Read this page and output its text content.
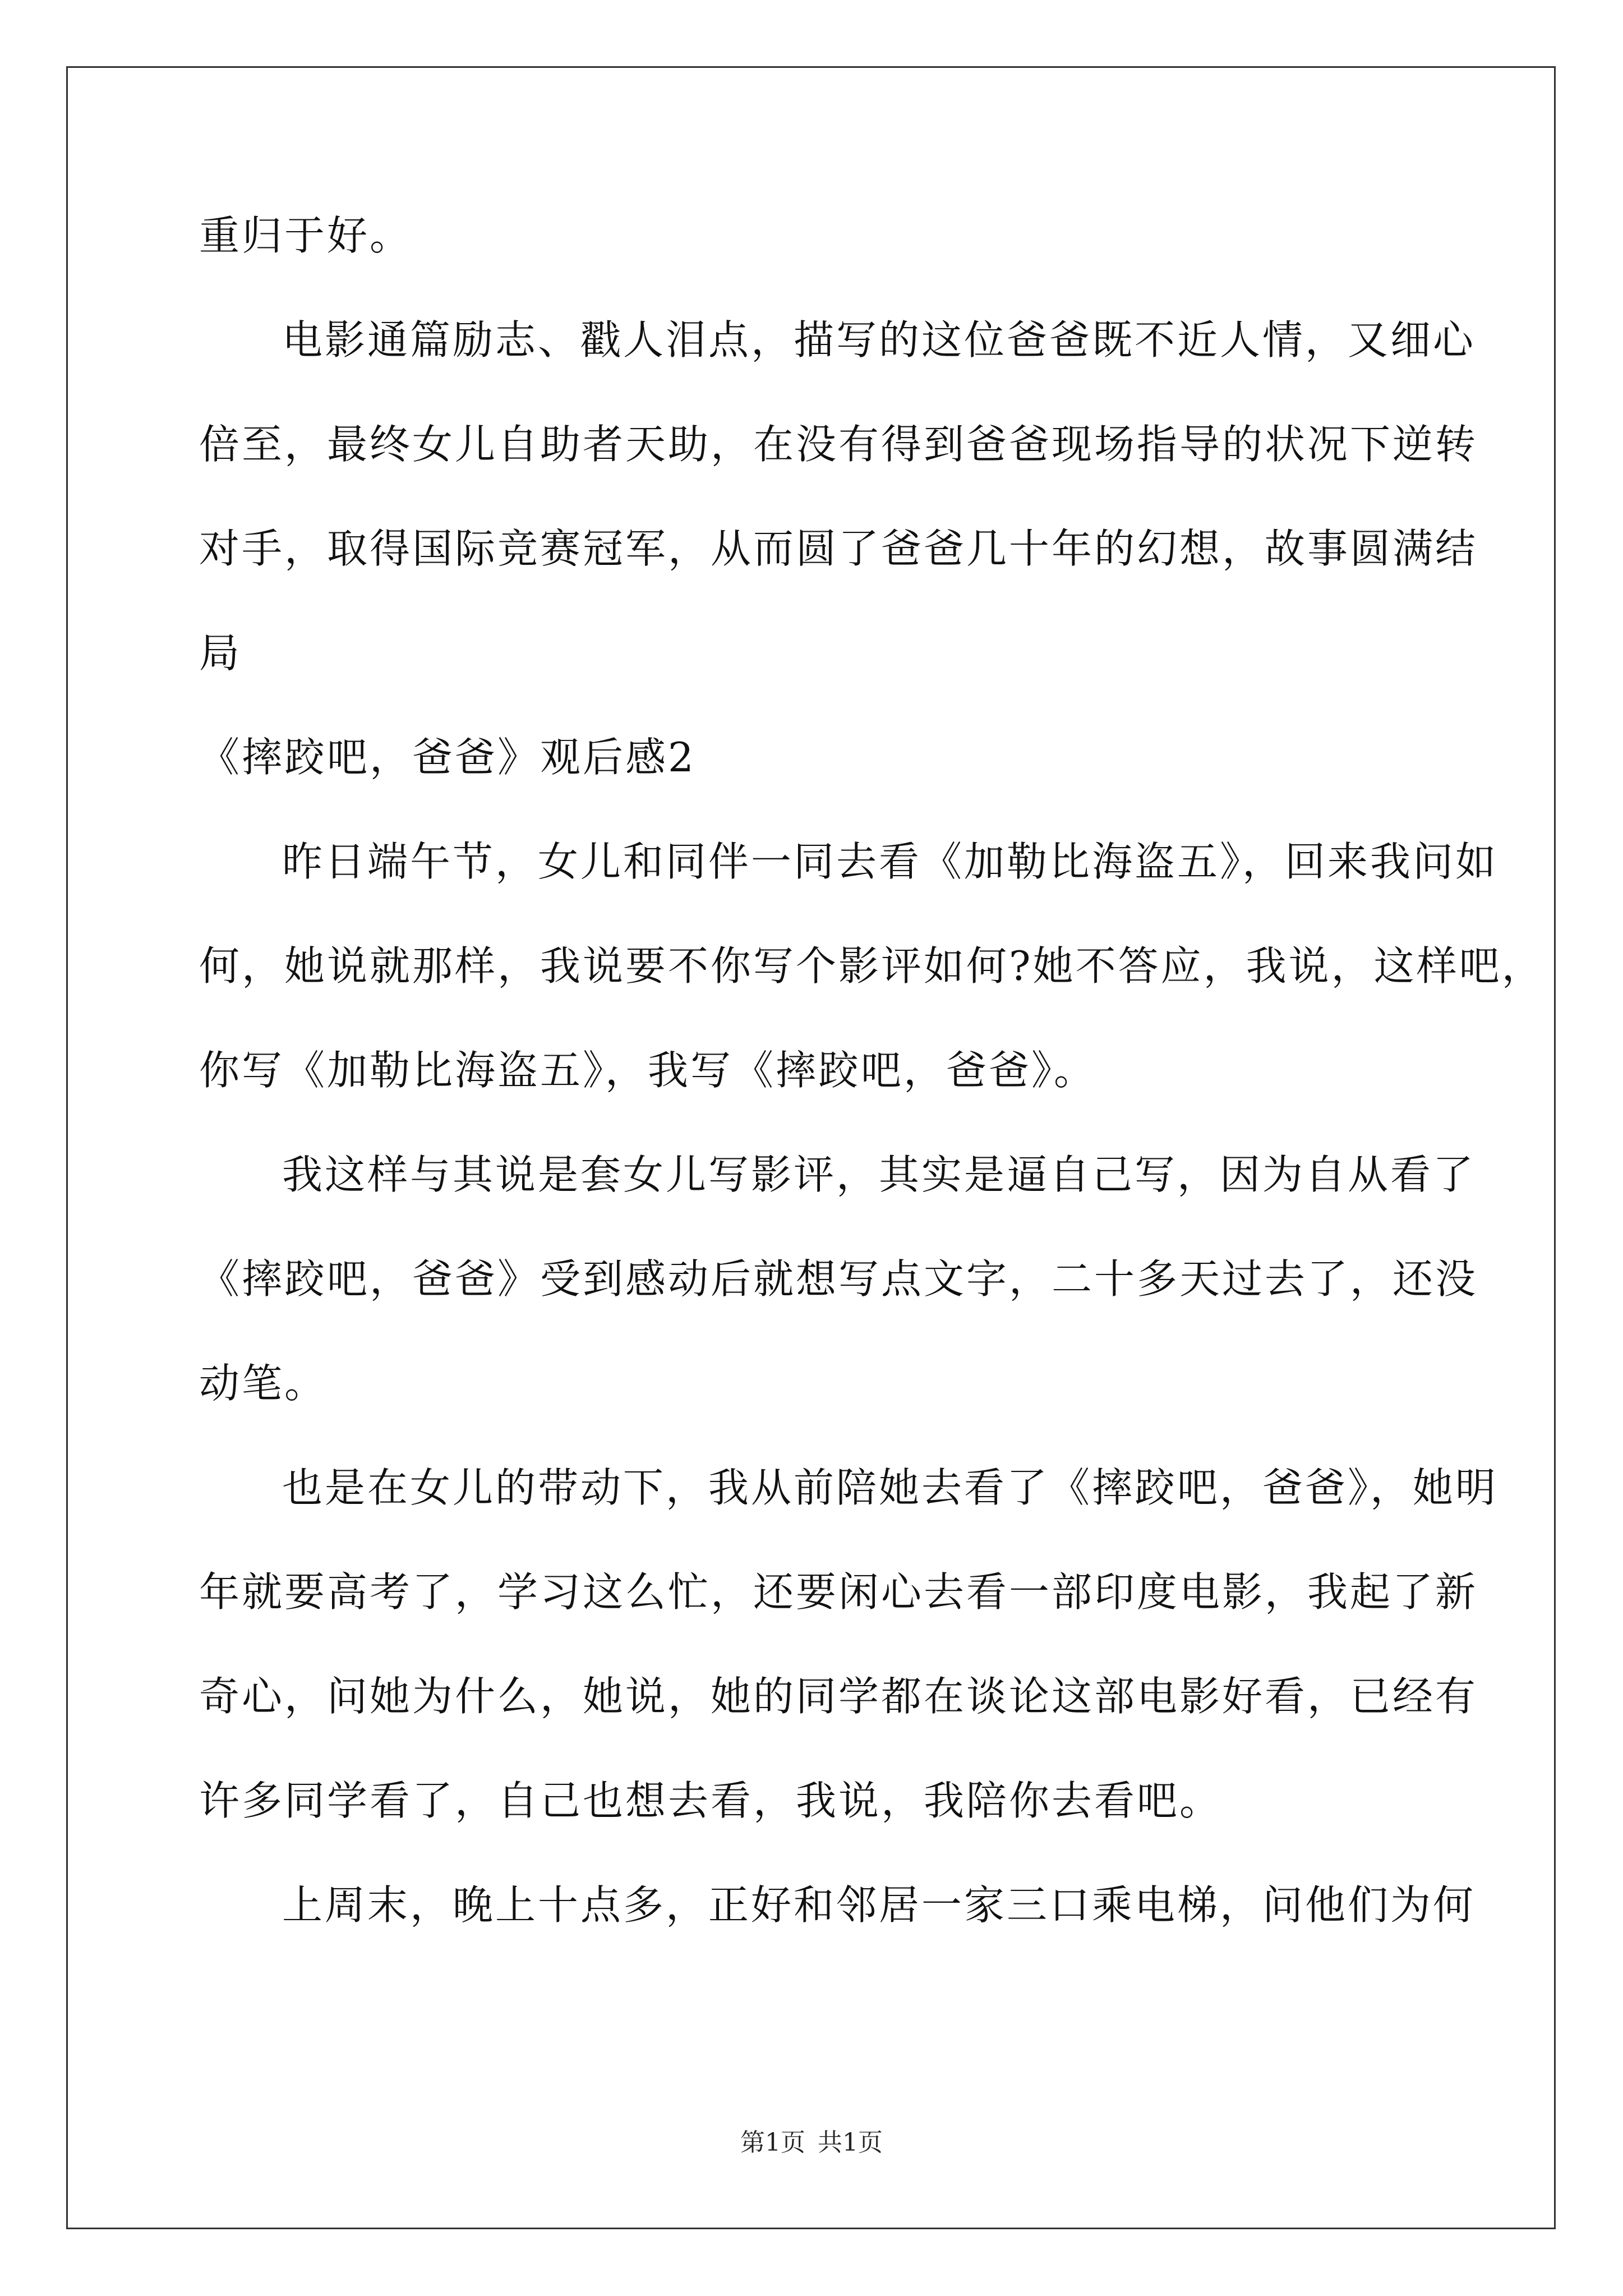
重归于好。
电影通篇励志、戳人泪点，描写的这位爸爸既不近人情，又细心
倍至，最终女儿自助者天助，在没有得到爸爸现场指导的状况下逆转
对手，取得国际竞赛冠军，从而圆了爸爸几十年的幻想，故事圆满结
局
《摔跤吧，爸爸》观后感2
昨日端午节，女儿和同伴一同去看《加勒比海盗五》，回来我问如
何，她说就那样，我说要不你写个影评如何?她不答应，我说，这样吧，
你写《加勒比海盗五》，我写《摔跤吧，爸爸》。
我这样与其说是套女儿写影评，其实是逼自己写，因为自从看了
《摔跤吧，爸爸》受到感动后就想写点文字，二十多天过去了，还没
动笔。
也是在女儿的带动下，我从前陪她去看了《摔跤吧，爸爸》，她明
年就要高考了，学习这么忙，还要闲心去看一部印度电影，我起了新
奇心，问她为什么，她说，她的同学都在谈论这部电影好看，已经有
许多同学看了，自己也想去看，我说，我陪你去看吧。
上周末，晚上十点多，正好和邻居一家三口乘电梯，问他们为何
第1页 共1页
